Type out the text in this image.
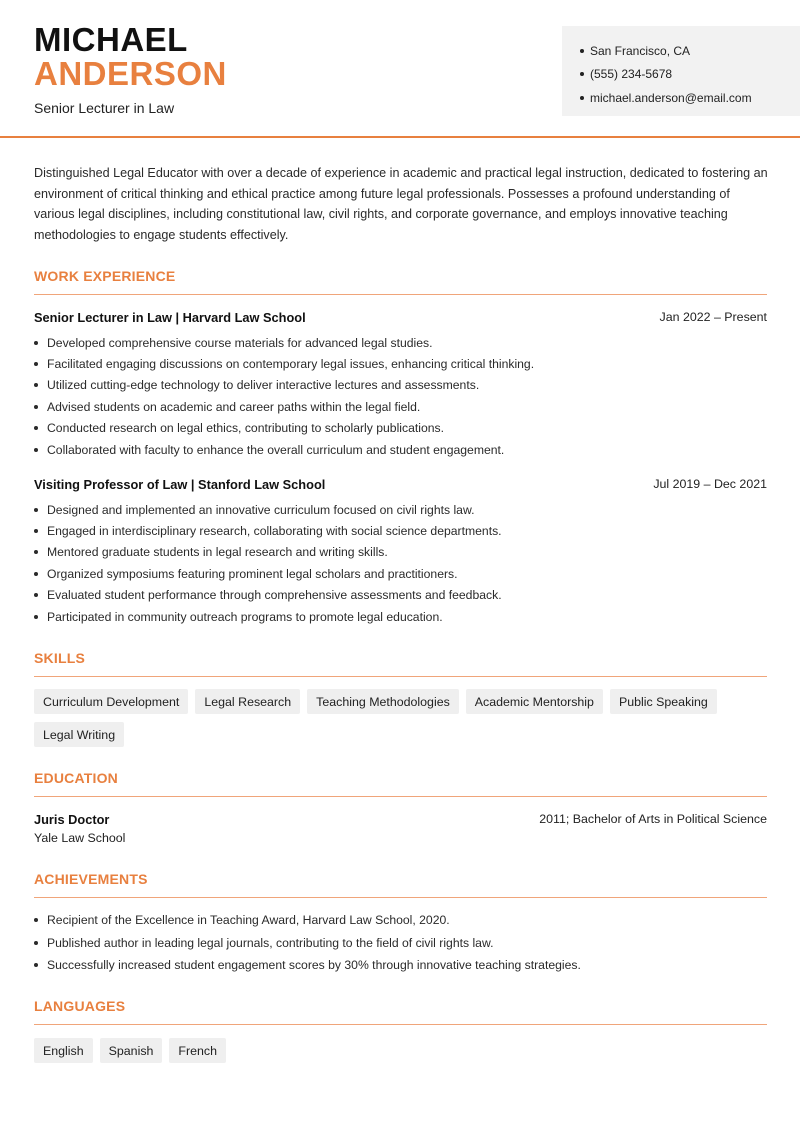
MICHAEL
ANDERSON
Senior Lecturer in Law
San Francisco, CA
(555) 234-5678
michael.anderson@email.com

Distinguished Legal Educator with over a decade of experience in academic and practical legal instruction, dedicated to fostering an environment of critical thinking and ethical practice among future legal professionals. Possesses a profound understanding of various legal disciplines, including constitutional law, civil rights, and corporate governance, and employs innovative teaching methodologies to engage students effectively.

WORK EXPERIENCE
Senior Lecturer in Law | Harvard Law School	Jan 2022 – Present
Developed comprehensive course materials for advanced legal studies.
Facilitated engaging discussions on contemporary legal issues, enhancing critical thinking.
Utilized cutting-edge technology to deliver interactive lectures and assessments.
Advised students on academic and career paths within the legal field.
Conducted research on legal ethics, contributing to scholarly publications.
Collaborated with faculty to enhance the overall curriculum and student engagement.
Visiting Professor of Law | Stanford Law School	Jul 2019 – Dec 2021
Designed and implemented an innovative curriculum focused on civil rights law.
Engaged in interdisciplinary research, collaborating with social science departments.
Mentored graduate students in legal research and writing skills.
Organized symposiums featuring prominent legal scholars and practitioners.
Evaluated student performance through comprehensive assessments and feedback.
Participated in community outreach programs to promote legal education.
SKILLS
Curriculum Development	Legal Research	Teaching Methodologies	Academic Mentorship	Public Speaking
Legal Writing
EDUCATION
Juris Doctor
Yale Law School
2011; Bachelor of Arts in Political Science
ACHIEVEMENTS
Recipient of the Excellence in Teaching Award, Harvard Law School, 2020.
Published author in leading legal journals, contributing to the field of civil rights law.
Successfully increased student engagement scores by 30% through innovative teaching strategies.
LANGUAGES
English	Spanish	French
